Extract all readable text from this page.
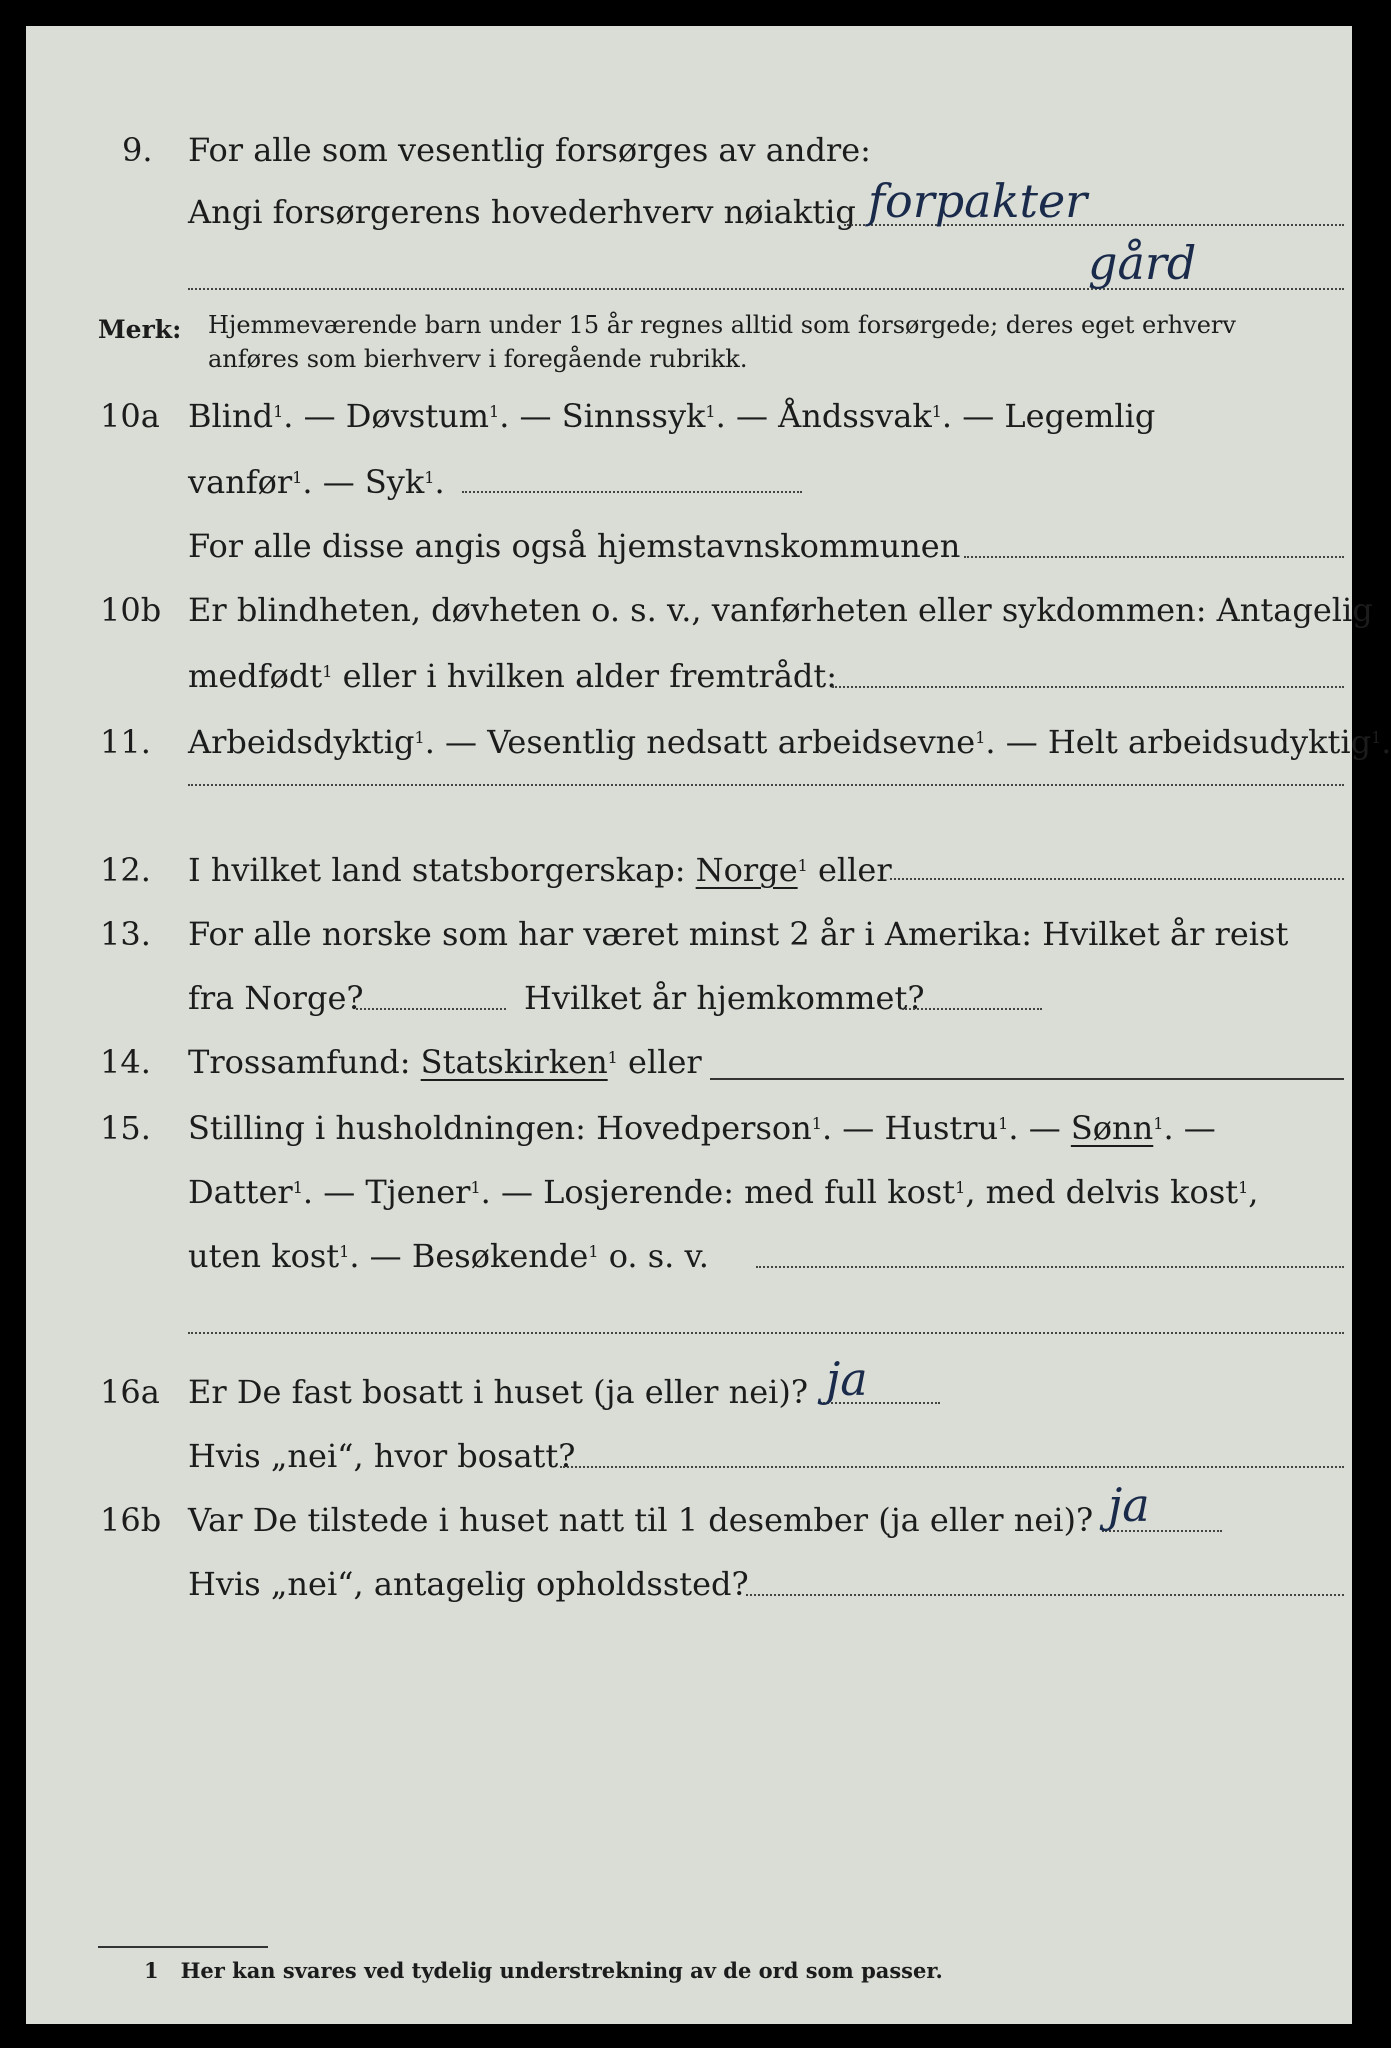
9. For alle som vesentlig forsørges av andre:
Angi forsørgerens hovederhverv nøiaktig forpakter
gård
Merk: Hjemmeværende barn under 15 år regnes alltid som forsørgede; deres eget erhverv
anføres som bierhverv i foregående rubrikk.
10a Blind$^1$. — Døvstum$^1$. — Sinnssyk$^1$. — Åndssvak$^1$. — Legemlig
vanfør$^1$. — Syk$^1$.
For alle disse angis også hjemstavnskommunen
10b Er blindheten, døvheten o. s. v., vanførheten eller sykdommen: Antagelig
medfødt$^1$ eller i hvilken alder fremtrådt:
11. Arbeidsdyktig$^1$. — Vesentlig nedsatt arbeidsevne$^1$. — Helt arbeidsudyktig$^1$.
12. I hvilket land statsborgerskap: Norge$^1$ eller
13. For alle norske som har været minst 2 år i Amerika: Hvilket år reist
fra Norge?	Hvilket år hjemkommet?
14. Trossamfund: Statskirken$^1$ eller
15. Stilling i husholdningen: Hovedperson$^1$. — Hustru$^1$. — Sønn$^1$. —
Datter$^1$. — Tjener$^1$. — Losjerende: med full kost$^1$, med delvis kost$^1$,
uten kost$^1$. — Besøkende$^1$ o. s. v.
16a Er De fast bosatt i huset (ja eller nei)? ja
Hvis „nei“, hvor bosatt?
16b Var De tilstede i huset natt til 1 desember (ja eller nei)? ja
Hvis „nei“, antagelig opholdssted?
1 Her kan svares ved tydelig understrekning av de ord som passer.
